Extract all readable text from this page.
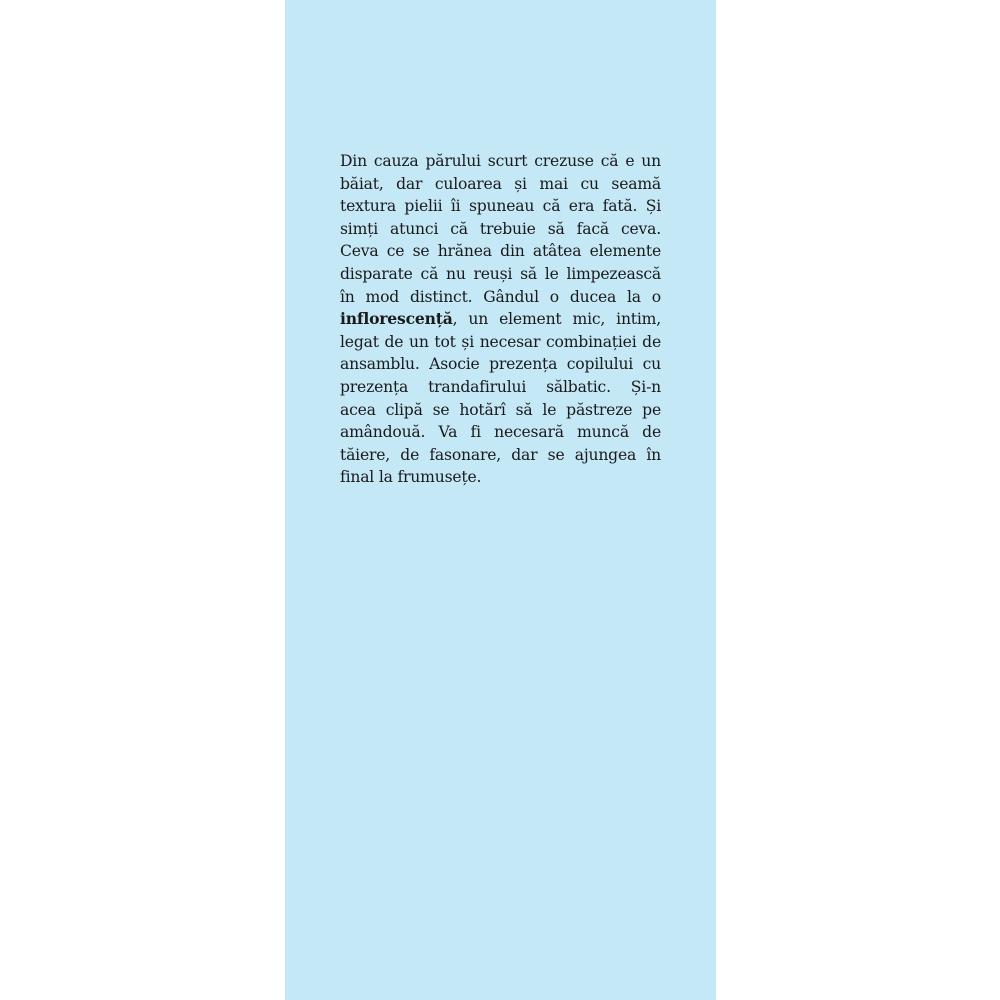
Din cauza părului scurt crezuse că e un
băiat, dar culoarea și mai cu seamă
textura pielii îi spuneau că era fată. Și
simți atunci că trebuie să facă ceva.
Ceva ce se hrănea din atâtea elemente
disparate că nu reuși să le limpezească
în mod distinct. Gândul o ducea la o
inflorescență, un element mic, intim,
legat de un tot și necesar combinației de
ansamblu. Asocie prezența copilului cu
prezența trandafirului sălbatic. Și-n
acea clipă se hotărî să le păstreze pe
amândouă. Va fi necesară muncă de
tăiere, de fasonare, dar se ajungea în
final la frumusețe.
